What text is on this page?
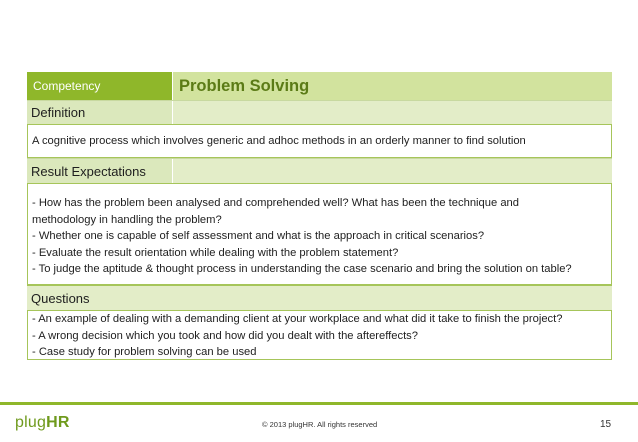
Competency	Problem Solving
Definition
A cognitive process which involves generic and adhoc methods in an orderly manner to find solution
Result Expectations
- How has the problem been analysed and comprehended well? What has been the technique and
methodology in handling the problem?
- Whether one is capable of self assessment and what is the approach in critical scenarios?
- Evaluate the result orientation while dealing with the problem statement?
- To judge the aptitude & thought process in understanding the case scenario and bring the solution on table?
Questions
- An example of dealing with a demanding client at your workplace and what did it take to finish the project?
- A wrong decision which you took and how did you dealt with the aftereffects?
- Case study for problem solving can be used
plugHR	© 2013 plugHR. All rights reserved	15
